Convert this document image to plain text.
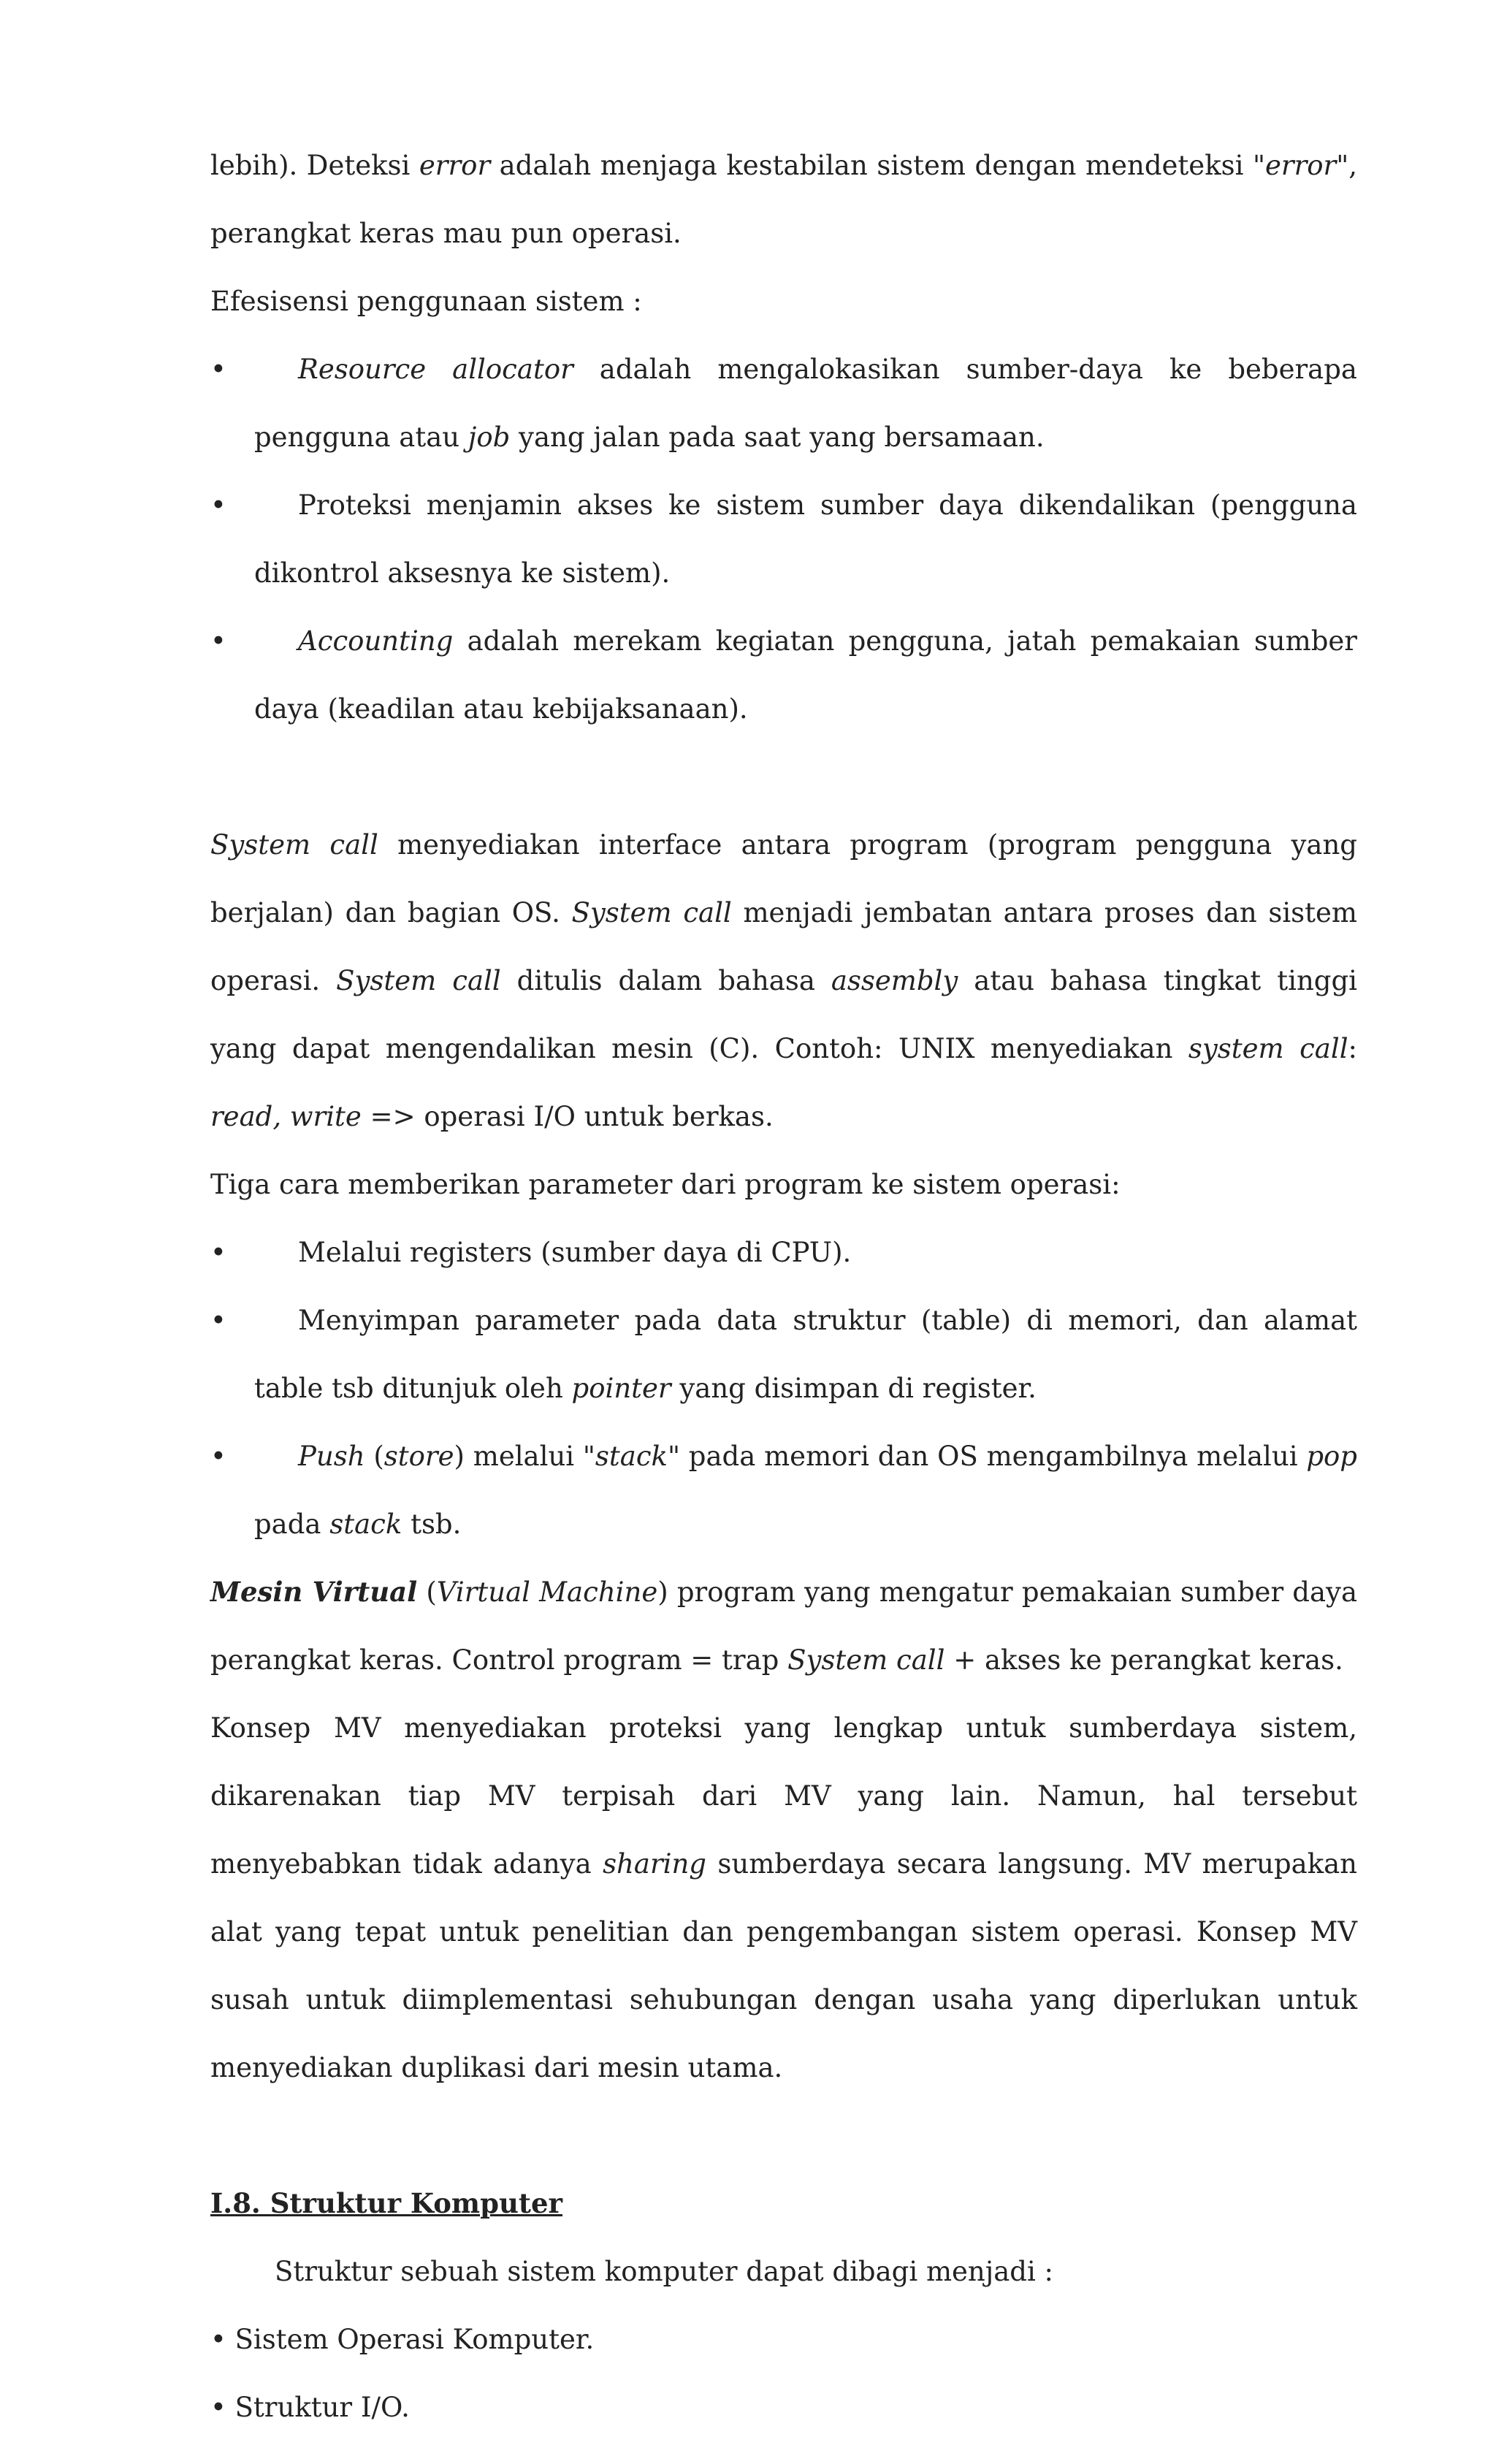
lebih). Deteksi error adalah menjaga kestabilan sistem dengan mendeteksi "error", perangkat keras mau pun operasi.

Efesisensi penggunaan sistem :

• Resource allocator adalah mengalokasikan sumber-daya ke beberapa pengguna atau job yang jalan pada saat yang bersamaan.

• Proteksi menjamin akses ke sistem sumber daya dikendalikan (pengguna dikontrol aksesnya ke sistem).

• Accounting adalah merekam kegiatan pengguna, jatah pemakaian sumber daya (keadilan atau kebijaksanaan).

System call menyediakan interface antara program (program pengguna yang berjalan) dan bagian OS. System call menjadi jembatan antara proses dan sistem operasi. System call ditulis dalam bahasa assembly atau bahasa tingkat tinggi yang dapat mengendalikan mesin (C). Contoh: UNIX menyediakan system call: read, write => operasi I/O untuk berkas.

Tiga cara memberikan parameter dari program ke sistem operasi:

• Melalui registers (sumber daya di CPU).

• Menyimpan parameter pada data struktur (table) di memori, dan alamat table tsb ditunjuk oleh pointer yang disimpan di register.

• Push (store) melalui "stack" pada memori dan OS mengambilnya melalui pop pada stack tsb.

Mesin Virtual (Virtual Machine) program yang mengatur pemakaian sumber daya perangkat keras. Control program = trap System call + akses ke perangkat keras.

Konsep MV menyediakan proteksi yang lengkap untuk sumberdaya sistem, dikarenakan tiap MV terpisah dari MV yang lain. Namun, hal tersebut menyebabkan tidak adanya sharing sumberdaya secara langsung. MV merupakan alat yang tepat untuk penelitian dan pengembangan sistem operasi. Konsep MV susah untuk diimplementasi sehubungan dengan usaha yang diperlukan untuk menyediakan duplikasi dari mesin utama.

I.8. Struktur Komputer

Struktur sebuah sistem komputer dapat dibagi menjadi :

• Sistem Operasi Komputer.

• Struktur I/O.
